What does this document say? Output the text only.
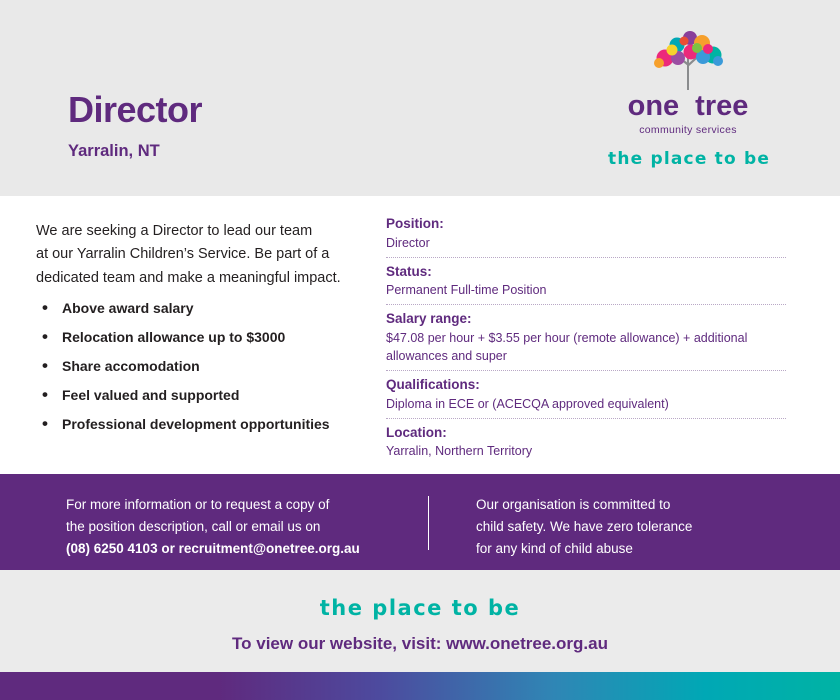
Director
Yarralin, NT
one tree
community services
the place to be

We are seeking a Director to lead our team

at our Yarralin Children’s Service. Be part of a

dedicated team and make a meaningful impact.

• Above award salary
• Relocation allowance up to $3000
• Share accomodation
• Feel valued and supported
• Professional development opportunities
Position:
Director
Status:
Permanent Full-time Position
Salary range:
$47.08 per hour + $3.55 per hour (remote allowance) + additional allowances and super
Qualifications:
Diploma in ECE or (ACECQA approved equivalent)
Location:
Yarralin, Northern Territory

For more information or to request a copy of

the position description, call or email us on

(08) 6250 4103 or recruitment@onetree.org.au

Our organisation is committed to

child safety. We have zero tolerance

for any kind of child abuse

the place to be
To view our website, visit: www.onetree.org.au
